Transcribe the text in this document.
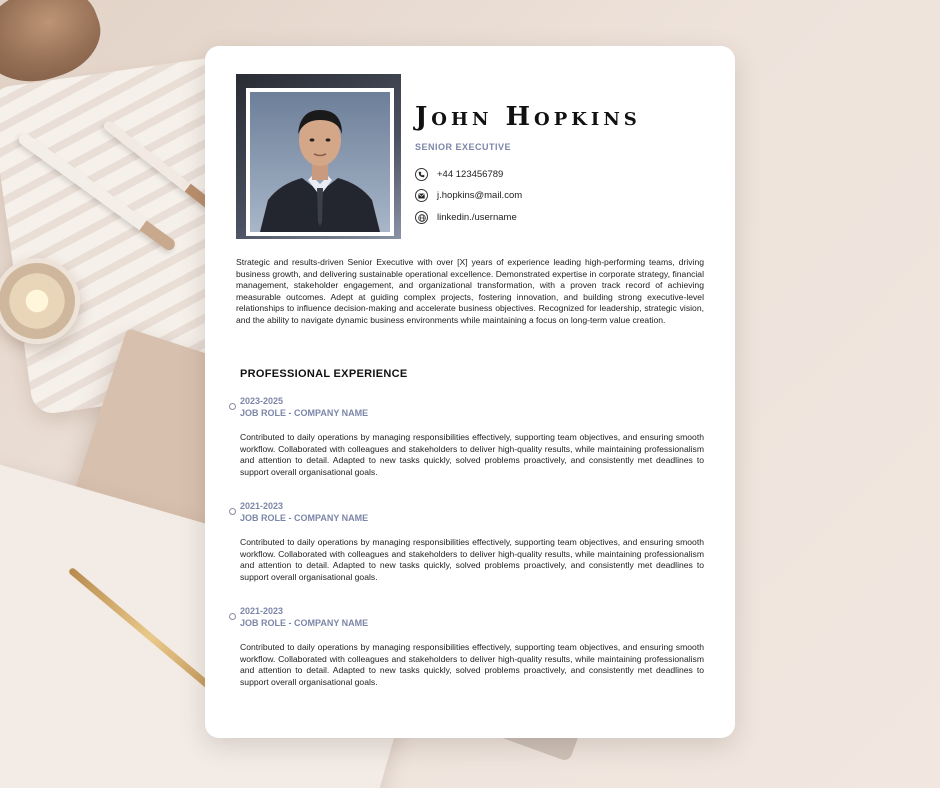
John Hopkins
SENIOR EXECUTIVE
+44 123456789
j.hopkins@mail.com
linkedin./username
Strategic and results-driven Senior Executive with over [X] years of experience leading high-performing teams, driving business growth, and delivering sustainable operational excellence. Demonstrated expertise in corporate strategy, financial management, stakeholder engagement, and organizational transformation, with a proven track record of achieving measurable outcomes. Adept at guiding complex projects, fostering innovation, and building strong executive-level relationships to influence decision-making and accelerate business objectives. Recognized for leadership, strategic vision, and the ability to navigate dynamic business environments while maintaining a focus on long-term value creation.
PROFESSIONAL EXPERIENCE
2023-2025
JOB ROLE - COMPANY NAME
Contributed to daily operations by managing responsibilities effectively, supporting team objectives, and ensuring smooth workflow. Collaborated with colleagues and stakeholders to deliver high-quality results, while maintaining professionalism and attention to detail. Adapted to new tasks quickly, solved problems proactively, and consistently met deadlines to support overall organisational goals.
2021-2023
JOB ROLE - COMPANY NAME
Contributed to daily operations by managing responsibilities effectively, supporting team objectives, and ensuring smooth workflow. Collaborated with colleagues and stakeholders to deliver high-quality results, while maintaining professionalism and attention to detail. Adapted to new tasks quickly, solved problems proactively, and consistently met deadlines to support overall organisational goals.
2021-2023
JOB ROLE - COMPANY NAME
Contributed to daily operations by managing responsibilities effectively, supporting team objectives, and ensuring smooth workflow. Collaborated with colleagues and stakeholders to deliver high-quality results, while maintaining professionalism and attention to detail. Adapted to new tasks quickly, solved problems proactively, and consistently met deadlines to support overall organisational goals.
